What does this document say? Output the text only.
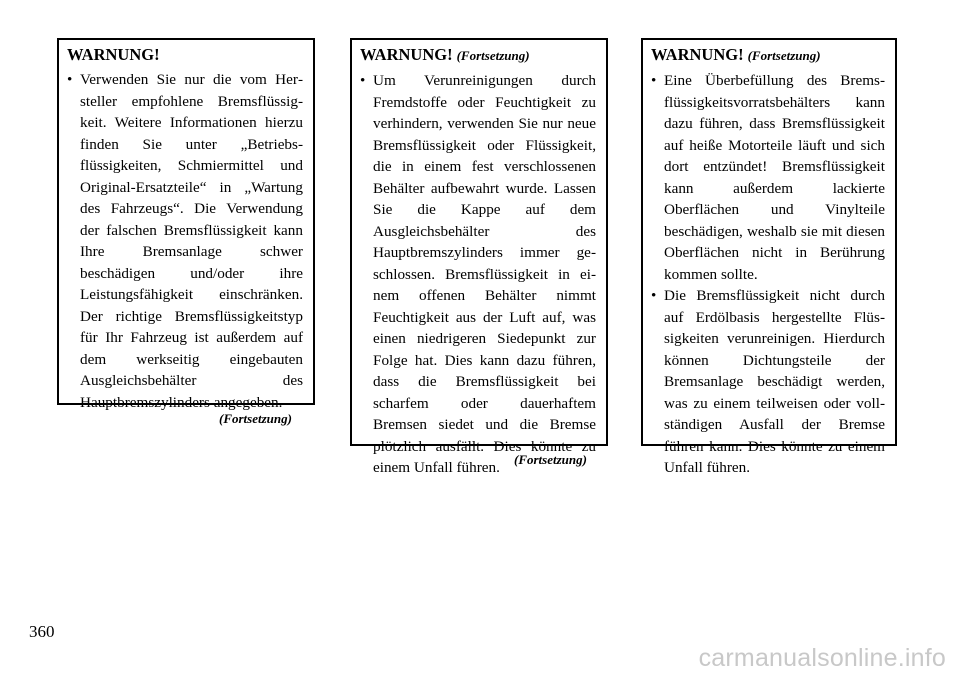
WARNUNG!
• Verwenden Sie nur die vom Hersteller empfohlene Bremsflüssigkeit. Weitere Informationen hierzu finden Sie unter „Betriebsflüssigkeiten, Schmiermittel und Original-Ersatzteile“ in „Wartung des Fahrzeugs“. Die Verwendung der falschen Bremsflüssigkeit kann Ihre Bremsanlage schwer beschädigen und/oder ihre Leistungsfähigkeit einschränken. Der richtige Bremsflüssigkeitstyp für Ihr Fahrzeug ist außerdem auf dem werkseitig eingebauten Ausgleichsbehälter des Hauptbremszylinders angegeben.
(Fortsetzung)
WARNUNG! (Fortsetzung)
• Um Verunreinigungen durch Fremdstoffe oder Feuchtigkeit zu verhindern, verwenden Sie nur neue Bremsflüssigkeit oder Flüssigkeit, die in einem fest verschlossenen Behälter aufbewahrt wurde. Lassen Sie die Kappe auf dem Ausgleichsbehälter des Hauptbremszylinders immer geschlossen. Bremsflüssigkeit in einem offenen Behälter nimmt Feuchtigkeit aus der Luft auf, was einen niedrigeren Siedepunkt zur Folge hat. Dies kann dazu führen, dass die Bremsflüssigkeit bei scharfem oder dauerhaftem Bremsen siedet und die Bremse plötzlich ausfällt. Dies könnte zu einem Unfall führen.	(Fortsetzung)
WARNUNG! (Fortsetzung)
• Eine Überbefüllung des Bremsflüssigkeitsvorratsbehälters kann dazu führen, dass Bremsflüssigkeit auf heiße Motorteile läuft und sich dort entzündet! Bremsflüssigkeit kann außerdem lackierte Oberflächen und Vinylteile beschädigen, weshalb sie mit diesen Oberflächen nicht in Berührung kommen sollte.
• Die Bremsflüssigkeit nicht durch auf Erdölbasis hergestellte Flüssigkeiten verunreinigen. Hierdurch können Dichtungsteile der Bremsanlage beschädigt werden, was zu einem teilweisen oder vollständigen Ausfall der Bremse führen kann. Dies könnte zu einem Unfall führen.
360
carmanualsonline.info
